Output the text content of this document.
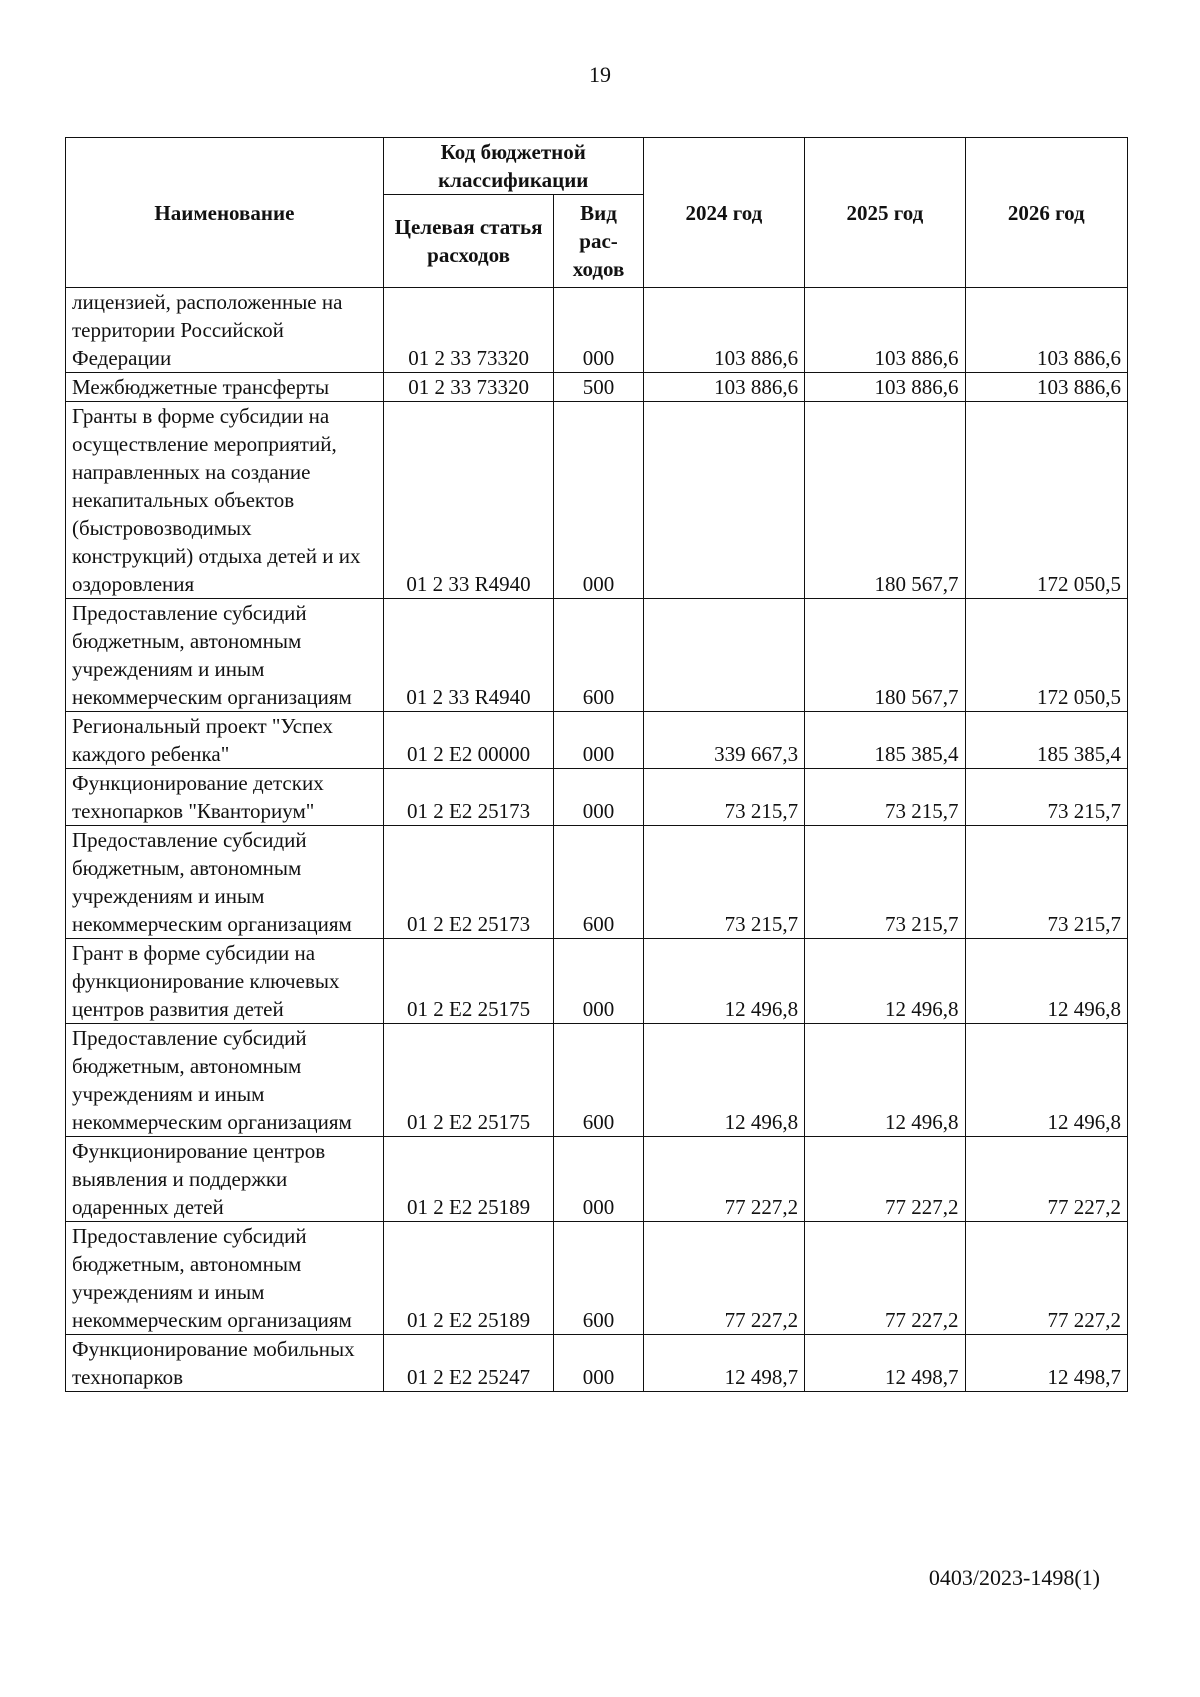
19
Наименование	Код бюджетной классификации		2024 год	2025 год	2026 год
	Целевая статья расходов	Вид рас-ходов			
лицензией, расположенные на территории Российской Федерации	01 2 33 73320	000	103 886,6	103 886,6	103 886,6
Межбюджетные трансферты	01 2 33 73320	500	103 886,6	103 886,6	103 886,6
Гранты в форме субсидии на осуществление мероприятий, направленных на создание некапитальных объектов (быстровозводимых конструкций) отдыха детей и их оздоровления	01 2 33 R4940	000		180 567,7	172 050,5
Предоставление субсидий бюджетным, автономным учреждениям и иным некоммерческим организациям	01 2 33 R4940	600		180 567,7	172 050,5
Региональный проект "Успех каждого ребенка"	01 2 Е2 00000	000	339 667,3	185 385,4	185 385,4
Функционирование детских технопарков "Кванториум"	01 2 Е2 25173	000	73 215,7	73 215,7	73 215,7
Предоставление субсидий бюджетным, автономным учреждениям и иным некоммерческим организациям	01 2 Е2 25173	600	73 215,7	73 215,7	73 215,7
Грант в форме субсидии на функционирование ключевых центров развития детей	01 2 Е2 25175	000	12 496,8	12 496,8	12 496,8
Предоставление субсидий бюджетным, автономным учреждениям и иным некоммерческим организациям	01 2 Е2 25175	600	12 496,8	12 496,8	12 496,8
Функционирование центров выявления и поддержки одаренных детей	01 2 Е2 25189	000	77 227,2	77 227,2	77 227,2
Предоставление субсидий бюджетным, автономным учреждениям и иным некоммерческим организациям	01 2 Е2 25189	600	77 227,2	77 227,2	77 227,2
Функционирование мобильных технопарков	01 2 Е2 25247	000	12 498,7	12 498,7	12 498,7
0403/2023-1498(1)
